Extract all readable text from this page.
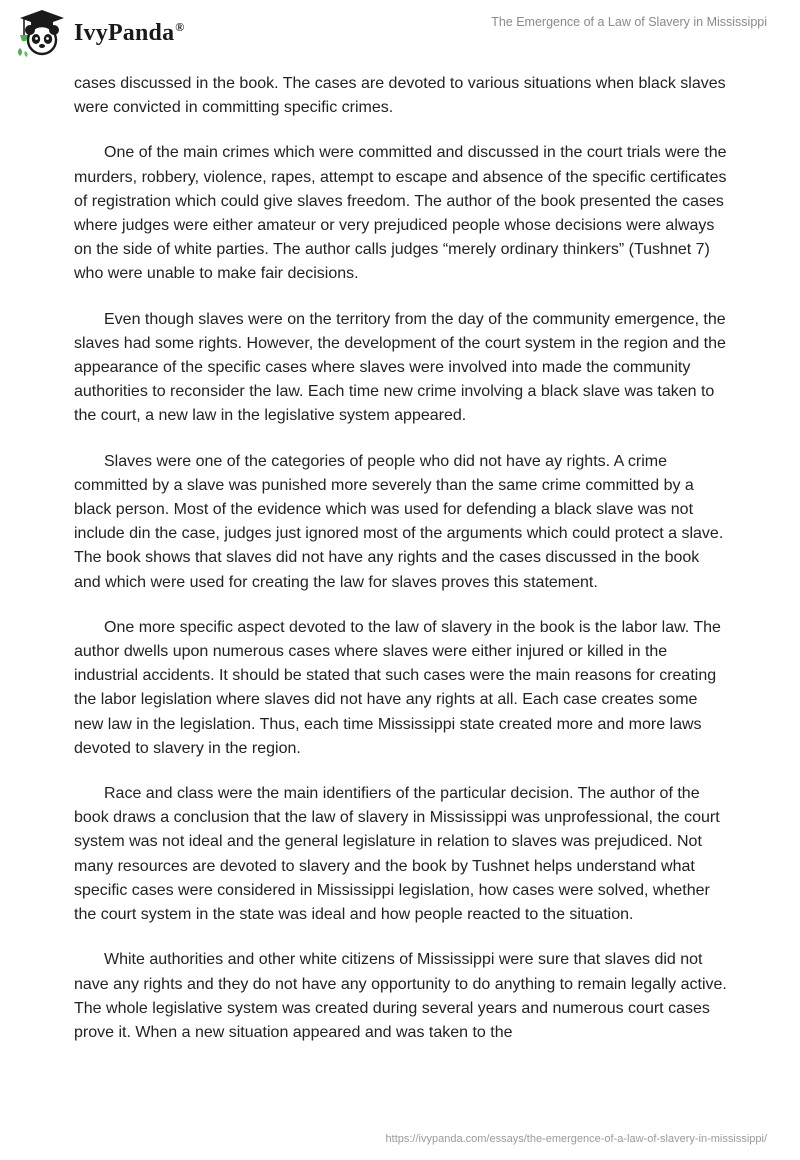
IvyPanda®	The Emergence of a Law of Slavery in Mississippi

cases discussed in the book. The cases are devoted to various situations when black slaves were convicted in committing specific crimes.

One of the main crimes which were committed and discussed in the court trials were the murders, robbery, violence, rapes, attempt to escape and absence of the specific certificates of registration which could give slaves freedom. The author of the book presented the cases where judges were either amateur or very prejudiced people whose decisions were always on the side of white parties. The author calls judges “merely ordinary thinkers” (Tushnet 7) who were unable to make fair decisions.

Even though slaves were on the territory from the day of the community emergence, the slaves had some rights. However, the development of the court system in the region and the appearance of the specific cases where slaves were involved into made the community authorities to reconsider the law. Each time new crime involving a black slave was taken to the court, a new law in the legislative system appeared.

Slaves were one of the categories of people who did not have ay rights. A crime committed by a slave was punished more severely than the same crime committed by a black person. Most of the evidence which was used for defending a black slave was not include din the case, judges just ignored most of the arguments which could protect a slave. The book shows that slaves did not have any rights and the cases discussed in the book and which were used for creating the law for slaves proves this statement.

One more specific aspect devoted to the law of slavery in the book is the labor law. The author dwells upon numerous cases where slaves were either injured or killed in the industrial accidents. It should be stated that such cases were the main reasons for creating the labor legislation where slaves did not have any rights at all. Each case creates some new law in the legislation. Thus, each time Mississippi state created more and more laws devoted to slavery in the region.

Race and class were the main identifiers of the particular decision. The author of the book draws a conclusion that the law of slavery in Mississippi was unprofessional, the court system was not ideal and the general legislature in relation to slaves was prejudiced. Not many resources are devoted to slavery and the book by Tushnet helps understand what specific cases were considered in Mississippi legislation, how cases were solved, whether the court system in the state was ideal and how people reacted to the situation.

White authorities and other white citizens of Mississippi were sure that slaves did not nave any rights and they do not have any opportunity to do anything to remain legally active. The whole legislative system was created during several years and numerous court cases prove it. When a new situation appeared and was taken to the

https://ivypanda.com/essays/the-emergence-of-a-law-of-slavery-in-mississippi/
